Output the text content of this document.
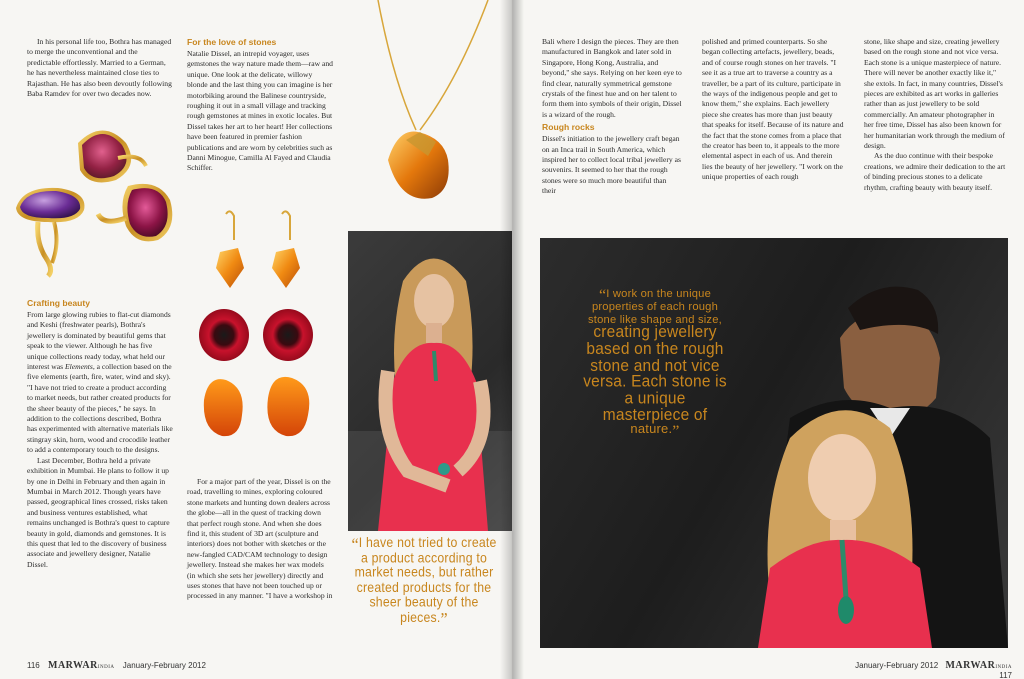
In his personal life too, Bothra has managed to merge the unconventional and the predictable effortlessly. Married to a German, he has nevertheless maintained close ties to Rajasthan. He has also been devoutly following Baba Ramdev for over two decades now.

Crafting beauty

From large glowing rubies to flat-cut diamonds and Keshi (freshwater pearls), Bothra's jewellery is dominated by beautiful gems that speak to the viewer. Although he has five unique collections ready today, what held our interest was Elements, a collection based on the five elements (earth, fire, water, wind and sky). "I have not tried to create a product according to market needs, but rather created products for the sheer beauty of the pieces," he says. In addition to the collections described, Bothra has experimented with alternative materials like stingray skin, horn, wood and crocodile leather to add a contemporary touch to the designs.

Last December, Bothra held a private exhibition in Mumbai. He plans to follow it up by one in Delhi in February and then again in Mumbai in March 2012. Though years have passed, geographical lines crossed, risks taken and business ventures established, what remains unchanged is Bothra's quest to capture beauty in gold, diamonds and gemstones. It is this quest that led to the discovery of business associate and jewellery designer, Natalie Dissel.

For the love of stones

Natalie Dissel, an intrepid voyager, uses gemstones the way nature made them—raw and unique. One look at the delicate, willowy blonde and the last thing you can imagine is her motorbiking around the Balinese countryside, roughing it out in a small village and tracking rough gemstones at mines in exotic locales. But Dissel takes her art to her heart! Her collections have been featured in premier fashion publications and are worn by celebrities such as Danni Minogue, Camilla Al Fayed and Claudia Schiffer.

For a major part of the year, Dissel is on the road, travelling to mines, exploring coloured stone markets and hunting down dealers across the globe—all in the quest of tracking down that perfect rough stone. And when she does find it, this student of 3D art (sculpture and interiors) does not bother with sketches or the new-fangled CAD/CAM technology to design jewellery. Instead she makes her wax models (in which she sets her jewellery) directly and uses stones that have not been touched up or processed in any manner. "I have a workshop in

“I have not tried to create a product according to market needs, but rather created products for the sheer beauty of the pieces.”
116 MARWARINDIA January-February 2012

Bali where I design the pieces. They are then manufactured in Bangkok and later sold in Singapore, Hong Kong, Australia, and beyond," she says. Relying on her keen eye to find clear, naturally symmetrical gemstone crystals of the finest hue and on her talent to form them into symbols of their origin, Dissel is a wizard of the rough.

Rough rocks

Dissel's initiation to the jewellery craft began on an Inca trail in South America, which inspired her to collect local tribal jewellery as souvenirs. It seemed to her that the rough stones were so much more beautiful than their

polished and primed counterparts. So she began collecting artefacts, jewellery, beads, and of course rough stones on her travels. "I see it as a true art to traverse a country as a traveller, be a part of its culture, participate in the ways of the indigenous people and get to know them," she explains. Each jewellery piece she creates has more than just beauty that speaks for itself. Because of its nature and the fact that the stone comes from a place that the creator has been to, it appeals to the more elemental aspect in each of us. And therein lies the beauty of her jewellery. "I work on the unique properties of each rough

stone, like shape and size, creating jewellery based on the rough stone and not vice versa. Each stone is a unique masterpiece of nature. There will never be another exactly like it," she extols. In fact, in many countries, Dissel's pieces are exhibited as art works in galleries rather than as just jewellery to be sold commercially. An amateur photographer in her free time, Dissel has also been known for her humanitarian work through the medium of design.

As the duo continue with their bespoke creations, we admire their dedication to the art of binding precious stones to a delicate rhythm, crafting beauty with beauty itself.

“I work on the unique properties of each rough stone like shape and size,
creating jewellery based on the rough stone and not vice versa. Each stone is a unique masterpiece of
nature.”
January-February 2012 MARWARINDIA 117
